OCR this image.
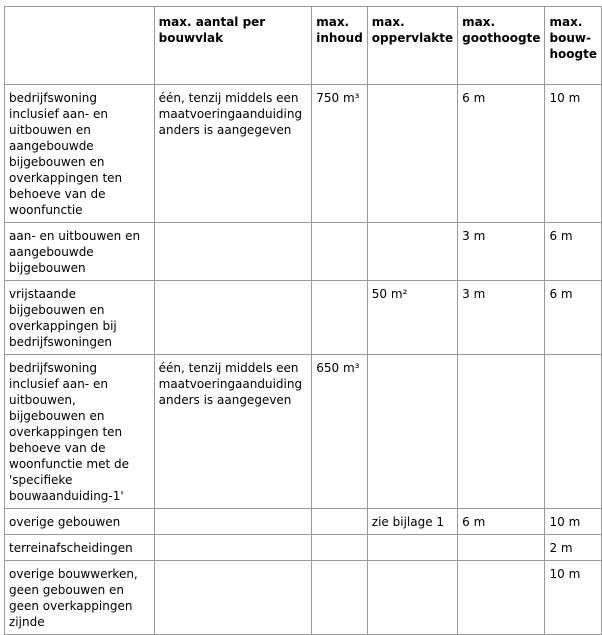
	max. aantal per bouwvlak	max. inhoud	max. oppervlakte	max. goothoogte	max. bouw-hoogte
bedrijfswoning inclusief aan- en uitbouwen en aangebouwde bijgebouwen en overkappingen ten behoeve van de woonfunctie	één, tenzij middels een maatvoeringaanduiding anders is aangegeven	750 m³		6 m	10 m
aan- en uitbouwen en aangebouwde bijgebouwen				3 m	6 m
vrijstaande bijgebouwen en overkappingen bij bedrijfswoningen			50 m²	3 m	6 m
bedrijfswoning inclusief aan- en uitbouwen, bijgebouwen en overkappingen ten behoeve van de woonfunctie met de 'specifieke bouwaanduiding-1'	één, tenzij middels een maatvoeringaanduiding anders is aangegeven	650 m³			
overige gebouwen			zie bijlage 1	6 m	10 m
terreinafscheidingen					2 m
overige bouwwerken, geen gebouwen en geen overkappingen zijnde					10 m
